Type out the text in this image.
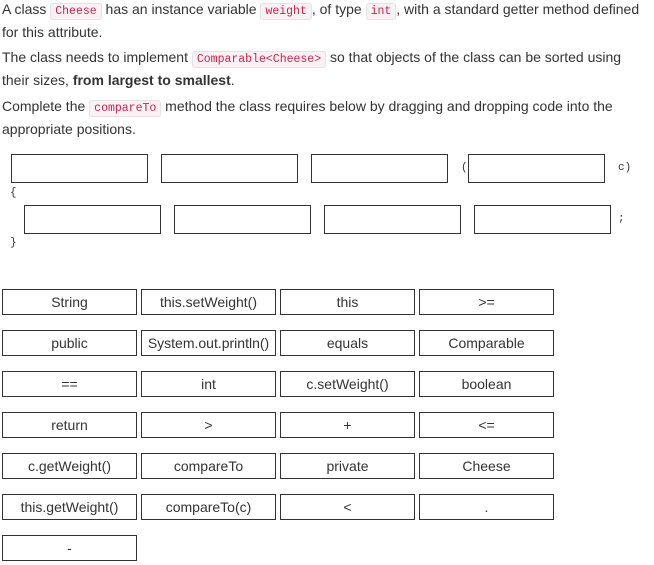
A class Cheese has an instance variable weight , of type int , with a standard getter method defined for this attribute.

The class needs to implement Comparable<Cheese> so that objects of the class can be sorted using their sizes, from largest to smallest.

Complete the compareTo method the class requires below by dragging and dropping code into the appropriate positions.

(	c)
{
;
}
String	this.setWeight()	this	>=
public	System.out.println()	equals	Comparable
==	int	c.setWeight()	boolean
return	>	+	<=
c.getWeight()	compareTo	private	Cheese
this.getWeight()	compareTo(c)	<	.
-
